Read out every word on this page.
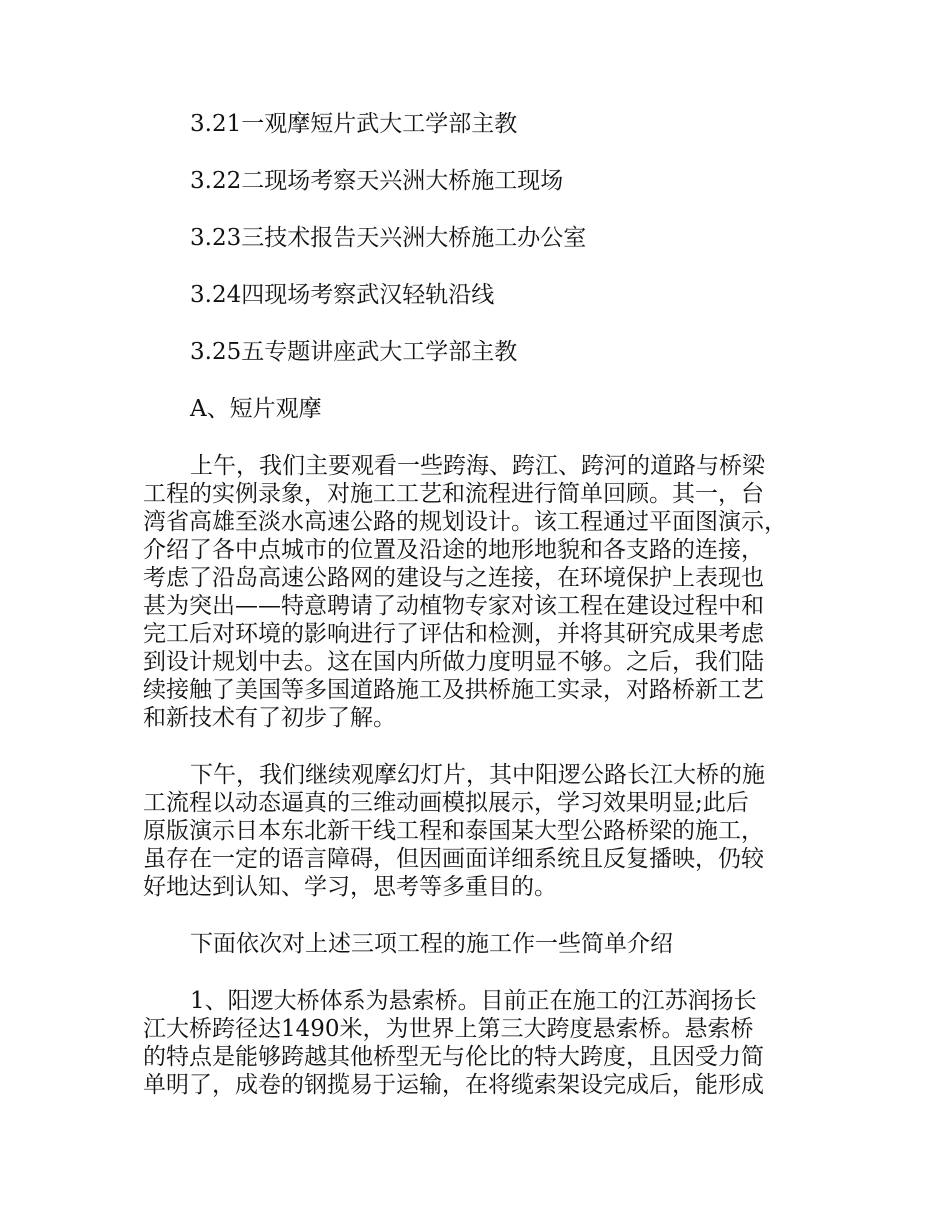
3.21一观摩短片武大工学部主教

3.22二现场考察天兴洲大桥施工现场

3.23三技术报告天兴洲大桥施工办公室

3.24四现场考察武汉轻轨沿线

3.25五专题讲座武大工学部主教

A、短片观摩

上午，我们主要观看一些跨海、跨江、跨河的道路与桥梁
工程的实例录象，对施工工艺和流程进行简单回顾。其一，台
湾省高雄至淡水高速公路的规划设计。该工程通过平面图演示，
介绍了各中点城市的位置及沿途的地形地貌和各支路的连接，
考虑了沿岛高速公路网的建设与之连接，在环境保护上表现也
甚为突出——特意聘请了动植物专家对该工程在建设过程中和
完工后对环境的影响进行了评估和检测，并将其研究成果考虑
到设计规划中去。这在国内所做力度明显不够。之后，我们陆
续接触了美国等多国道路施工及拱桥施工实录，对路桥新工艺
和新技术有了初步了解。
下午，我们继续观摩幻灯片，其中阳逻公路长江大桥的施
工流程以动态逼真的三维动画模拟展示，学习效果明显;此后
原版演示日本东北新干线工程和泰国某大型公路桥梁的施工，
虽存在一定的语言障碍，但因画面详细系统且反复播映，仍较
好地达到认知、学习，思考等多重目的。
下面依次对上述三项工程的施工作一些简单介绍
1、阳逻大桥体系为悬索桥。目前正在施工的江苏润扬长
江大桥跨径达1490米，为世界上第三大跨度悬索桥。悬索桥
的特点是能够跨越其他桥型无与伦比的特大跨度，且因受力简
单明了，成卷的钢揽易于运输，在将缆索架设完成后，能形成
